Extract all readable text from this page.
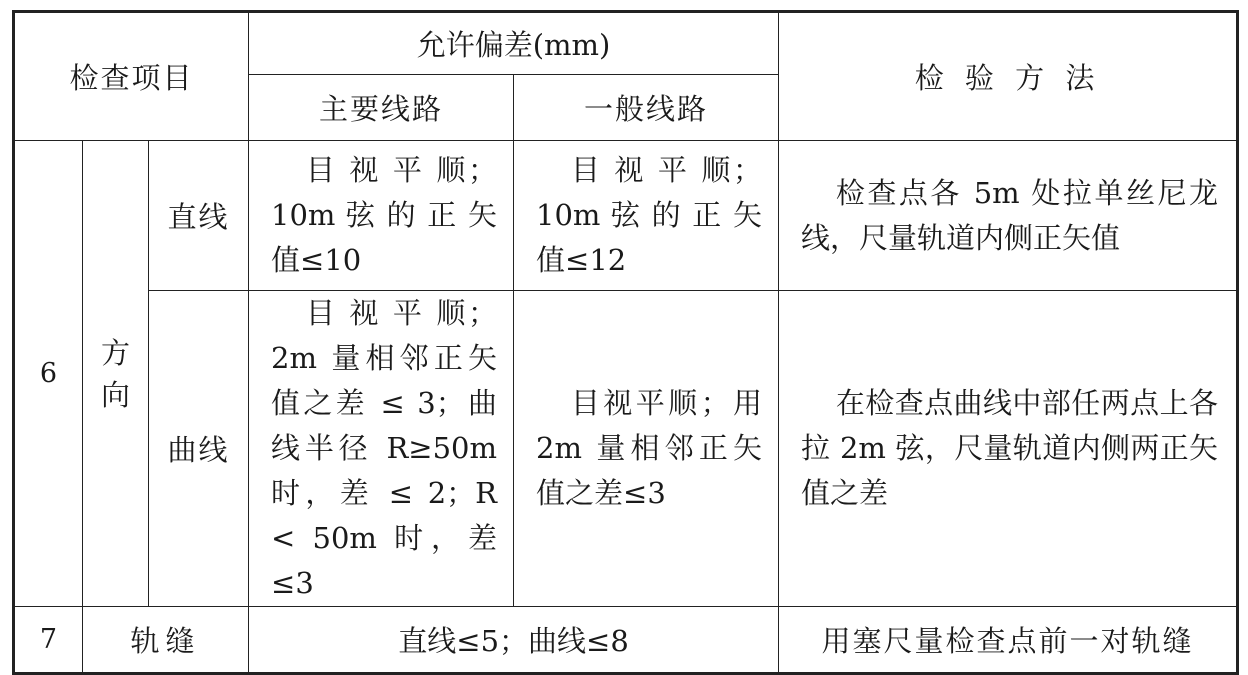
检查项目			允许偏差(mm)		检 验 方 法
			主要线路	一般线路	
6	方向	直线	目 视 平 顺；10m 弦 的 正 矢值≤10	目 视 平 顺；10m 弦 的 正 矢值≤12	检查点各 5m 处拉单丝尼龙线，尺量轨道内侧正矢值

		曲线	目 视 平 顺；2m 量相邻正矢值之差 ≤ 3；曲线半径 R≥50m时，差 ≤ 2；R < 50m 时，差≤3	目视平顺；用2m 量相邻正矢值之差≤3	在检查点曲线中部任两点上各拉 2m 弦，尺量轨道内侧两正矢值之差

7	轨缝		直线≤5；曲线≤8		用塞尺量检查点前一对轨缝
